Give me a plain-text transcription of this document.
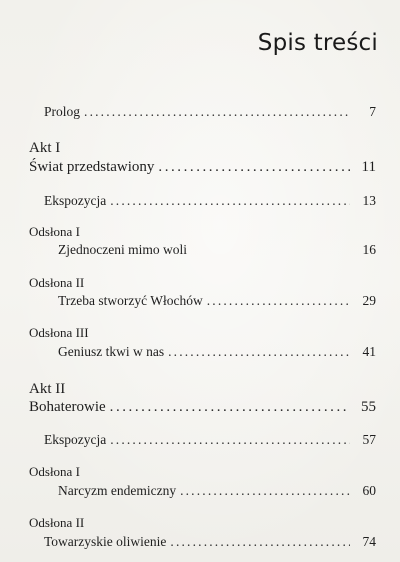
Spis treści
Prolog . . .	7
Akt I
Świat przedstawiony . . .	11
Ekspozycja . . .	13
Odsłona I
Zjednoczeni mimo woli	16
Odsłona II
Trzeba stworzyć Włochów . . .	29
Odsłona III
Geniusz tkwi w nas . . .	41
Akt II
Bohaterowie . . .	55
Ekspozycja . . .	57
Odsłona I
Narcyzm endemiczny . . .	60
Odsłona II
Towarzyskie oliwienie . . .	74
